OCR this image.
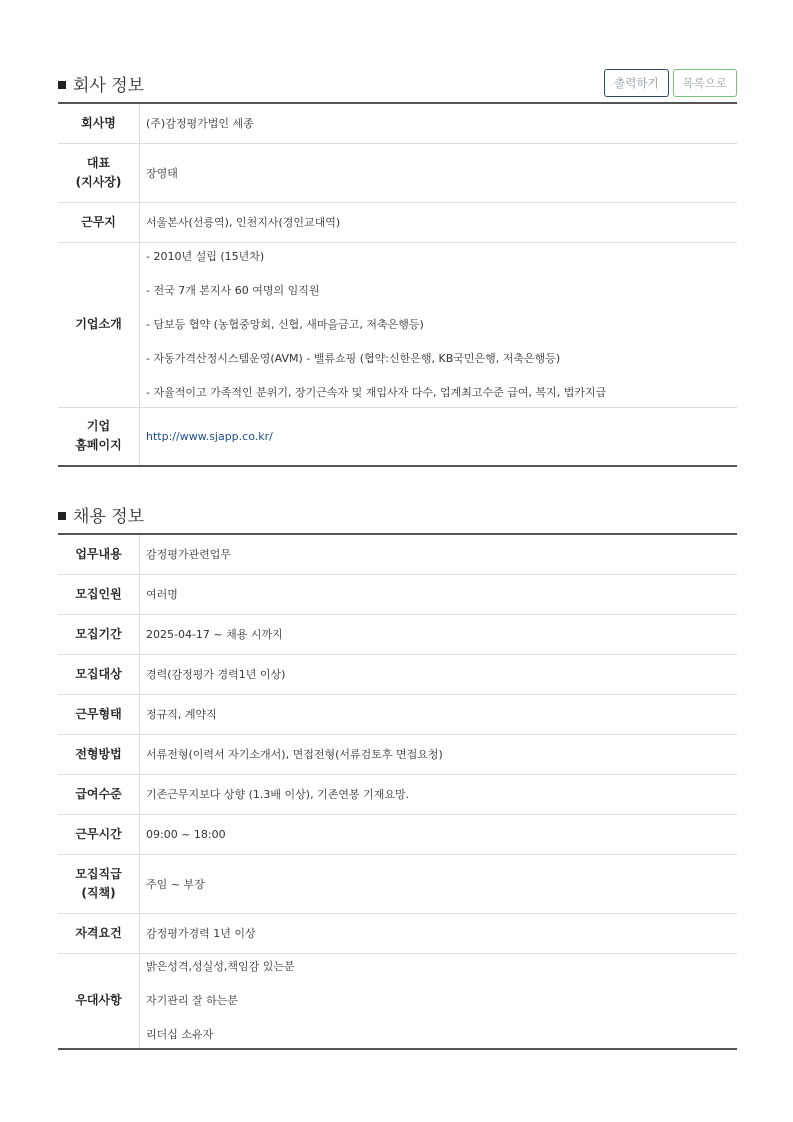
회사 정보	출력하기	목록으로
회사명	(주)감정평가법인 세종

대표
(지사장)	장영태
근무지	서울본사(선릉역), 인천지사(경인교대역)
기업소개	- 2010년 설립 (15년차)
- 전국 7개 본지사 60 여명의 임직원
- 담보등 협약 (농협중앙회, 신협, 새마을금고, 저축은행등)
- 자동가격산정시스템운영(AVM) - 밸류쇼핑 (협약:신한은행, KB국민은행, 저축은행등)
- 자율적이고 가족적인 분위기, 장기근속자 및 재입사자 다수, 업계최고수준 급여, 복지, 법카지급

기업
홈페이지	http://www.sjapp.co.kr/
채용 정보
업무내용	감정평가관련업무
모집인원	여러명
모집기간	2025-04-17 ~ 채용 시까지
모집대상	경력(감정평가 경력1년 이상)
근무형태	정규직, 계약직
전형방법	서류전형(이력서 자기소개서), 면접전형(서류검토후 면접요청)
급여수준	기존근무지보다 상향 (1.3배 이상), 기존연봉 기재요망.
근무시간	09:00 ~ 18:00

모집직급
(직책)	주임 ~ 부장
자격요건	감정평가경력 1년 이상
우대사항	밝은성격,성실성,책임감 있는분
자기관리 잘 하는분
리더십 소유자
